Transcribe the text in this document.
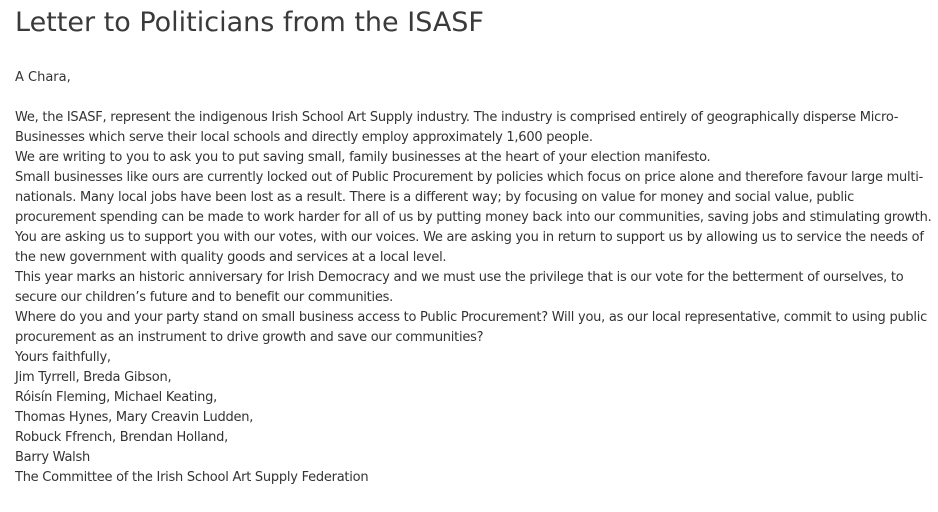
Letter to Politicians from the ISASF

A Chara,

We, the ISASF, represent the indigenous Irish School Art Supply industry. The industry is comprised entirely of geographically disperse Micro-Businesses which serve their local schools and directly employ approximately 1,600 people.

We are writing to you to ask you to put saving small, family businesses at the heart of your election manifesto.

Small businesses like ours are currently locked out of Public Procurement by policies which focus on price alone and therefore favour large multi-nationals. Many local jobs have been lost as a result. There is a different way; by focusing on value for money and social value, public procurement spending can be made to work harder for all of us by putting money back into our communities, saving jobs and stimulating growth. You are asking us to support you with our votes, with our voices. We are asking you in return to support us by allowing us to service the needs of the new government with quality goods and services at a local level.

This year marks an historic anniversary for Irish Democracy and we must use the privilege that is our vote for the betterment of ourselves, to secure our children’s future and to benefit our communities.

Where do you and your party stand on small business access to Public Procurement? Will you, as our local representative, commit to using public procurement as an instrument to drive growth and save our communities?

Yours faithfully,

Jim Tyrrell, Breda Gibson,

Róisín Fleming, Michael Keating,

Thomas Hynes, Mary Creavin Ludden,

Robuck Ffrench, Brendan Holland,

Barry Walsh

The Committee of the Irish School Art Supply Federation
